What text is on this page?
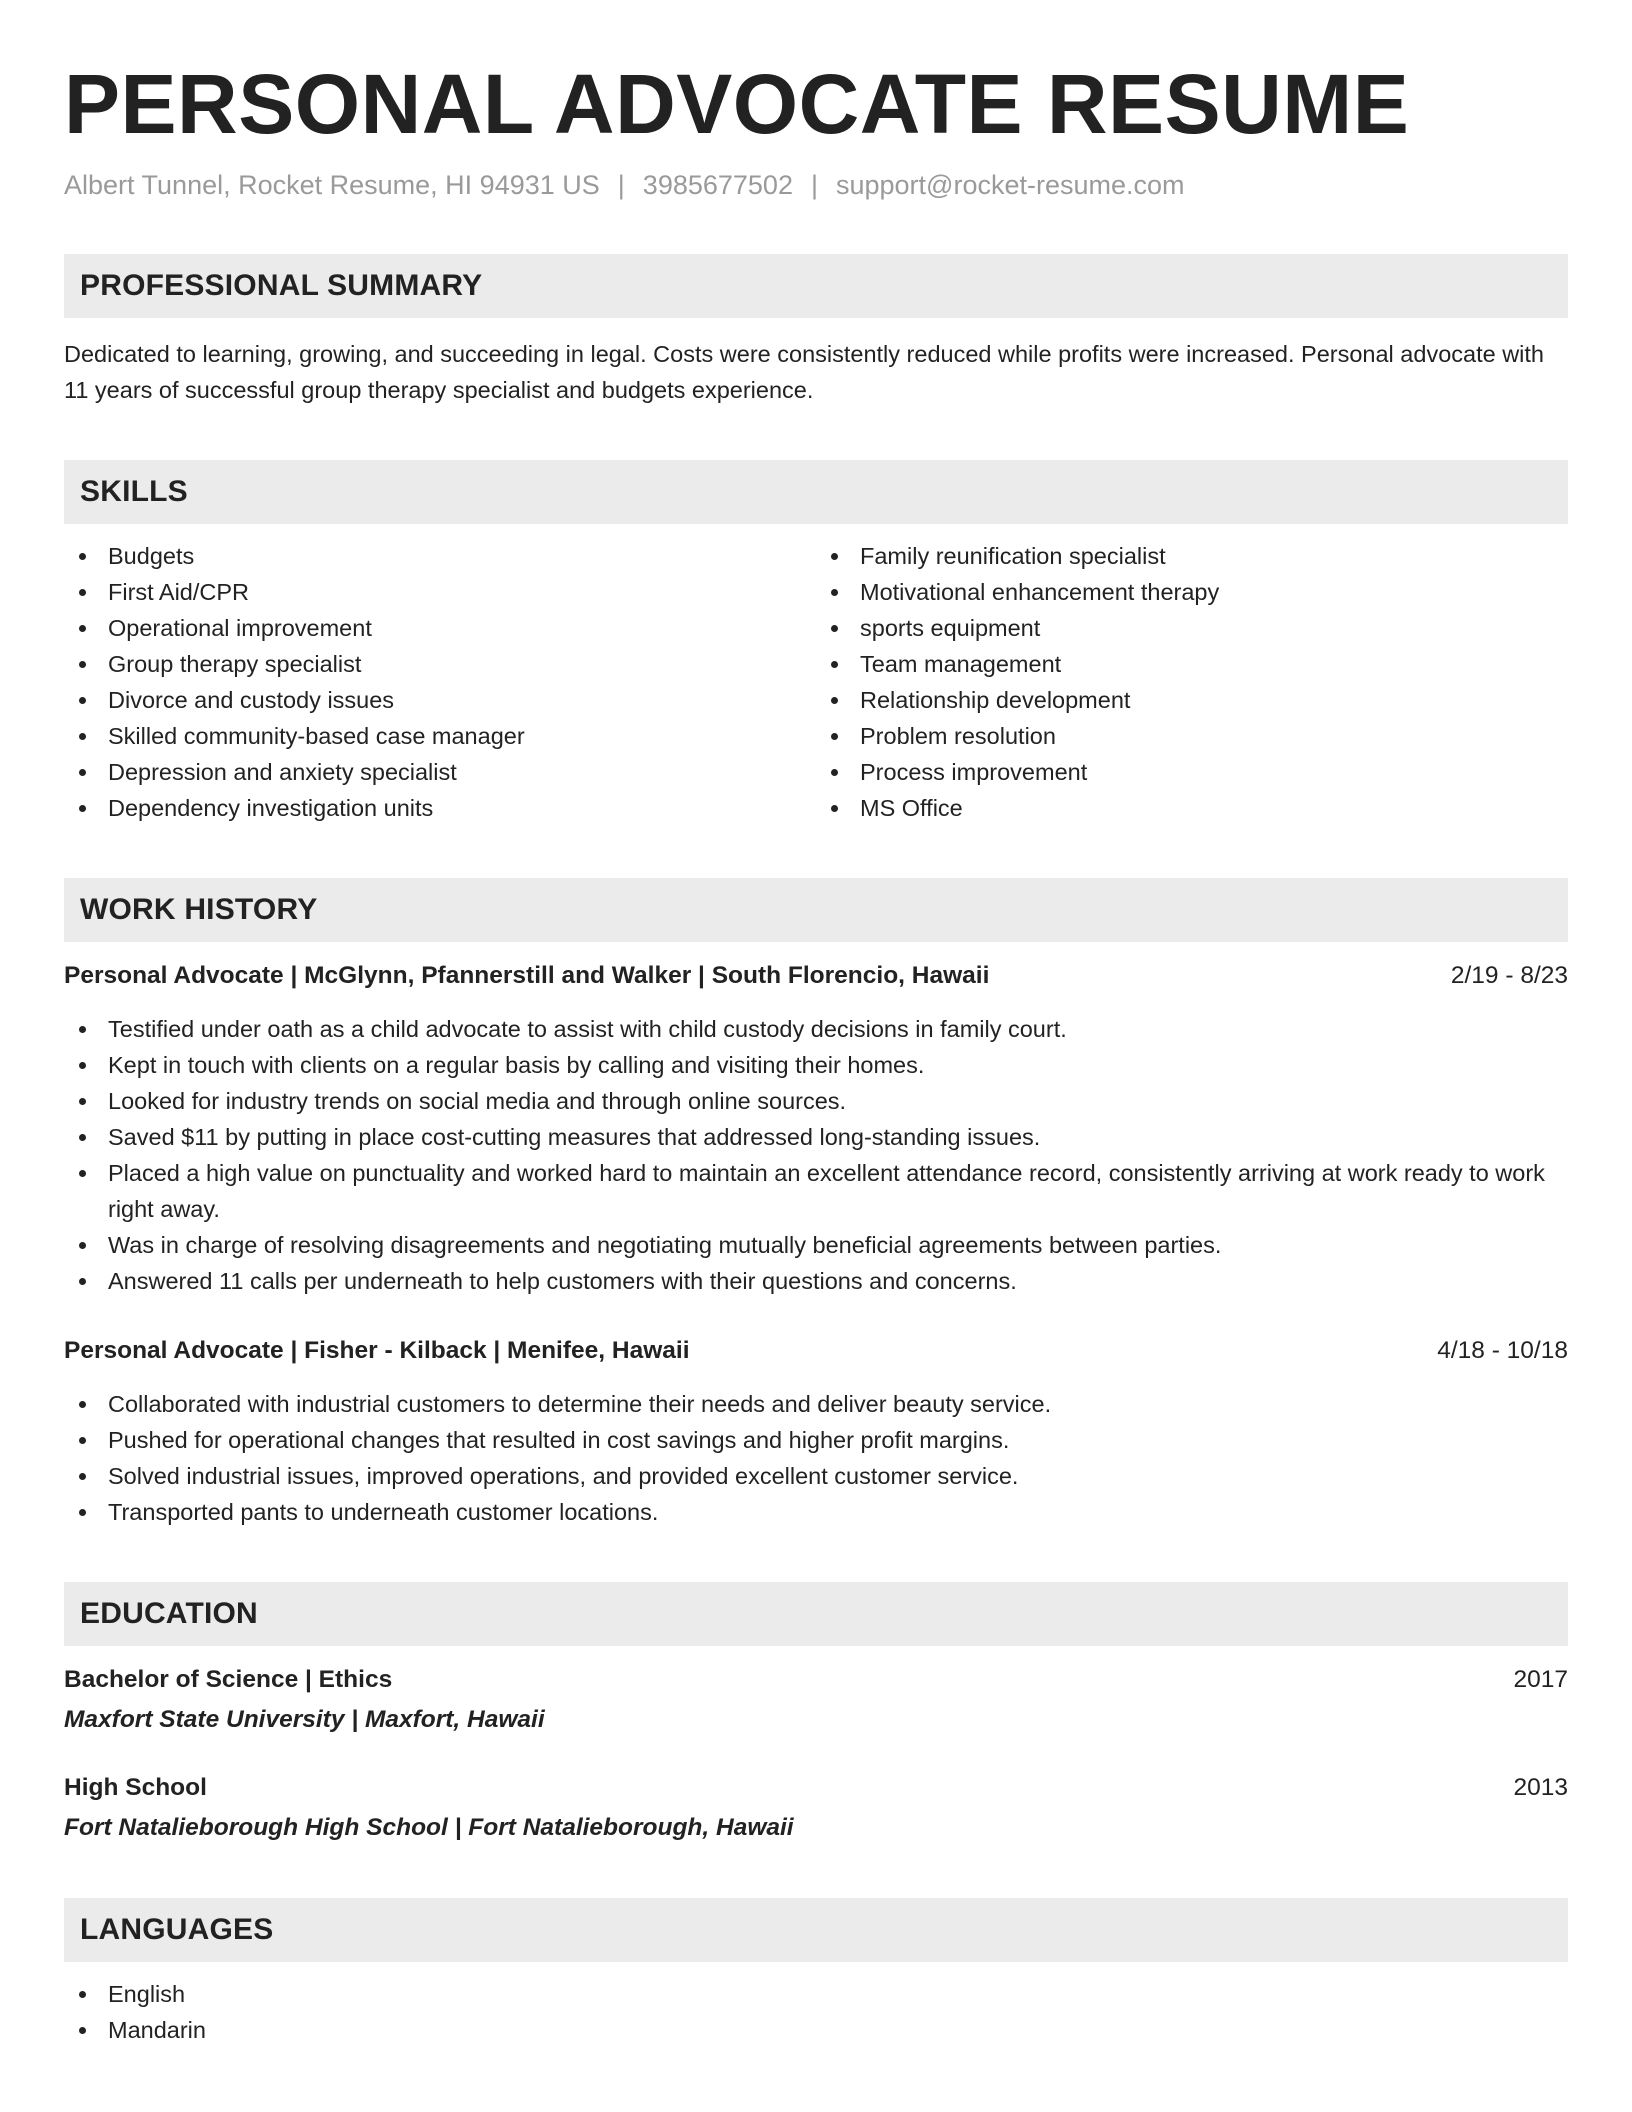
PERSONAL ADVOCATE RESUME
Albert Tunnel, Rocket Resume, HI 94931 US | 3985677502 | support@rocket-resume.com
PROFESSIONAL SUMMARY
Dedicated to learning, growing, and succeeding in legal. Costs were consistently reduced while profits were increased. Personal advocate with 11 years of successful group therapy specialist and budgets experience.
SKILLS
Budgets
First Aid/CPR
Operational improvement
Group therapy specialist
Divorce and custody issues
Skilled community-based case manager
Depression and anxiety specialist
Dependency investigation units
Family reunification specialist
Motivational enhancement therapy
sports equipment
Team management
Relationship development
Problem resolution
Process improvement
MS Office
WORK HISTORY
Personal Advocate | McGlynn, Pfannerstill and Walker | South Florencio, Hawaii	2/19 - 8/23
Testified under oath as a child advocate to assist with child custody decisions in family court.
Kept in touch with clients on a regular basis by calling and visiting their homes.
Looked for industry trends on social media and through online sources.
Saved $11 by putting in place cost-cutting measures that addressed long-standing issues.
Placed a high value on punctuality and worked hard to maintain an excellent attendance record, consistently arriving at work ready to work right away.
Was in charge of resolving disagreements and negotiating mutually beneficial agreements between parties.
Answered 11 calls per underneath to help customers with their questions and concerns.
Personal Advocate | Fisher - Kilback | Menifee, Hawaii	4/18 - 10/18
Collaborated with industrial customers to determine their needs and deliver beauty service.
Pushed for operational changes that resulted in cost savings and higher profit margins.
Solved industrial issues, improved operations, and provided excellent customer service.
Transported pants to underneath customer locations.
EDUCATION
Bachelor of Science | Ethics	2017
Maxfort State University | Maxfort, Hawaii
High School	2013
Fort Natalieborough High School | Fort Natalieborough, Hawaii
LANGUAGES
English
Mandarin
